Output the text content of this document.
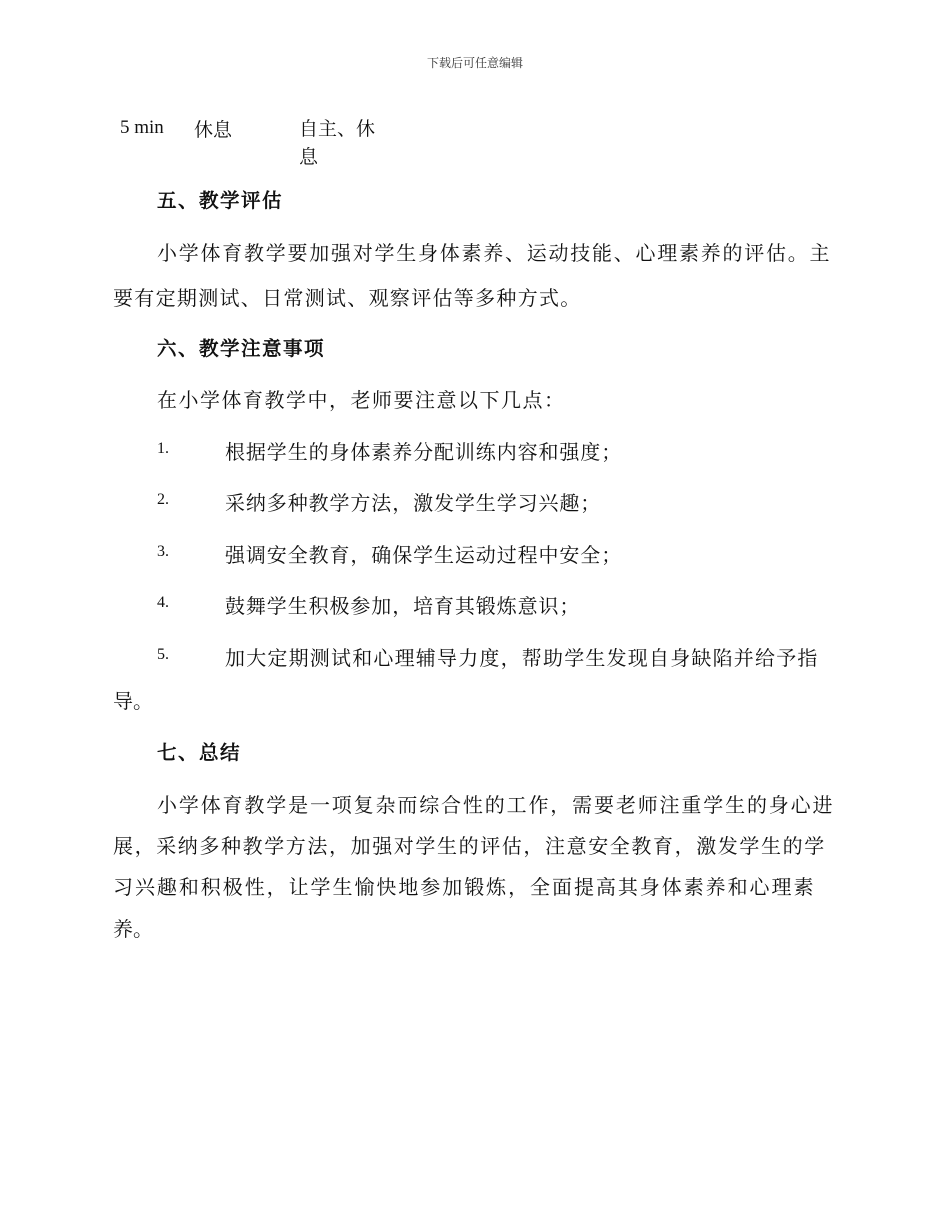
下载后可任意编辑
5 min 休息	自主、休
息
五、教学评估
小学体育教学要加强对学生身体素养、运动技能、心理素养的评估。主
要有定期测试、日常测试、观察评估等多种方式。
六、教学注意事项
在小学体育教学中，老师要注意以下几点：
1.	根据学生的身体素养分配训练内容和强度；
2.	采纳多种教学方法，激发学生学习兴趣；
3.	强调安全教育，确保学生运动过程中安全；
4.	鼓舞学生积极参加，培育其锻炼意识；
5.	加大定期测试和心理辅导力度，帮助学生发现自身缺陷并给予指
导。
七、总结
小学体育教学是一项复杂而综合性的工作，需要老师注重学生的身心进
展，采纳多种教学方法，加强对学生的评估，注意安全教育，激发学生的学
习兴趣和积极性，让学生愉快地参加锻炼，全面提高其身体素养和心理素
养。
